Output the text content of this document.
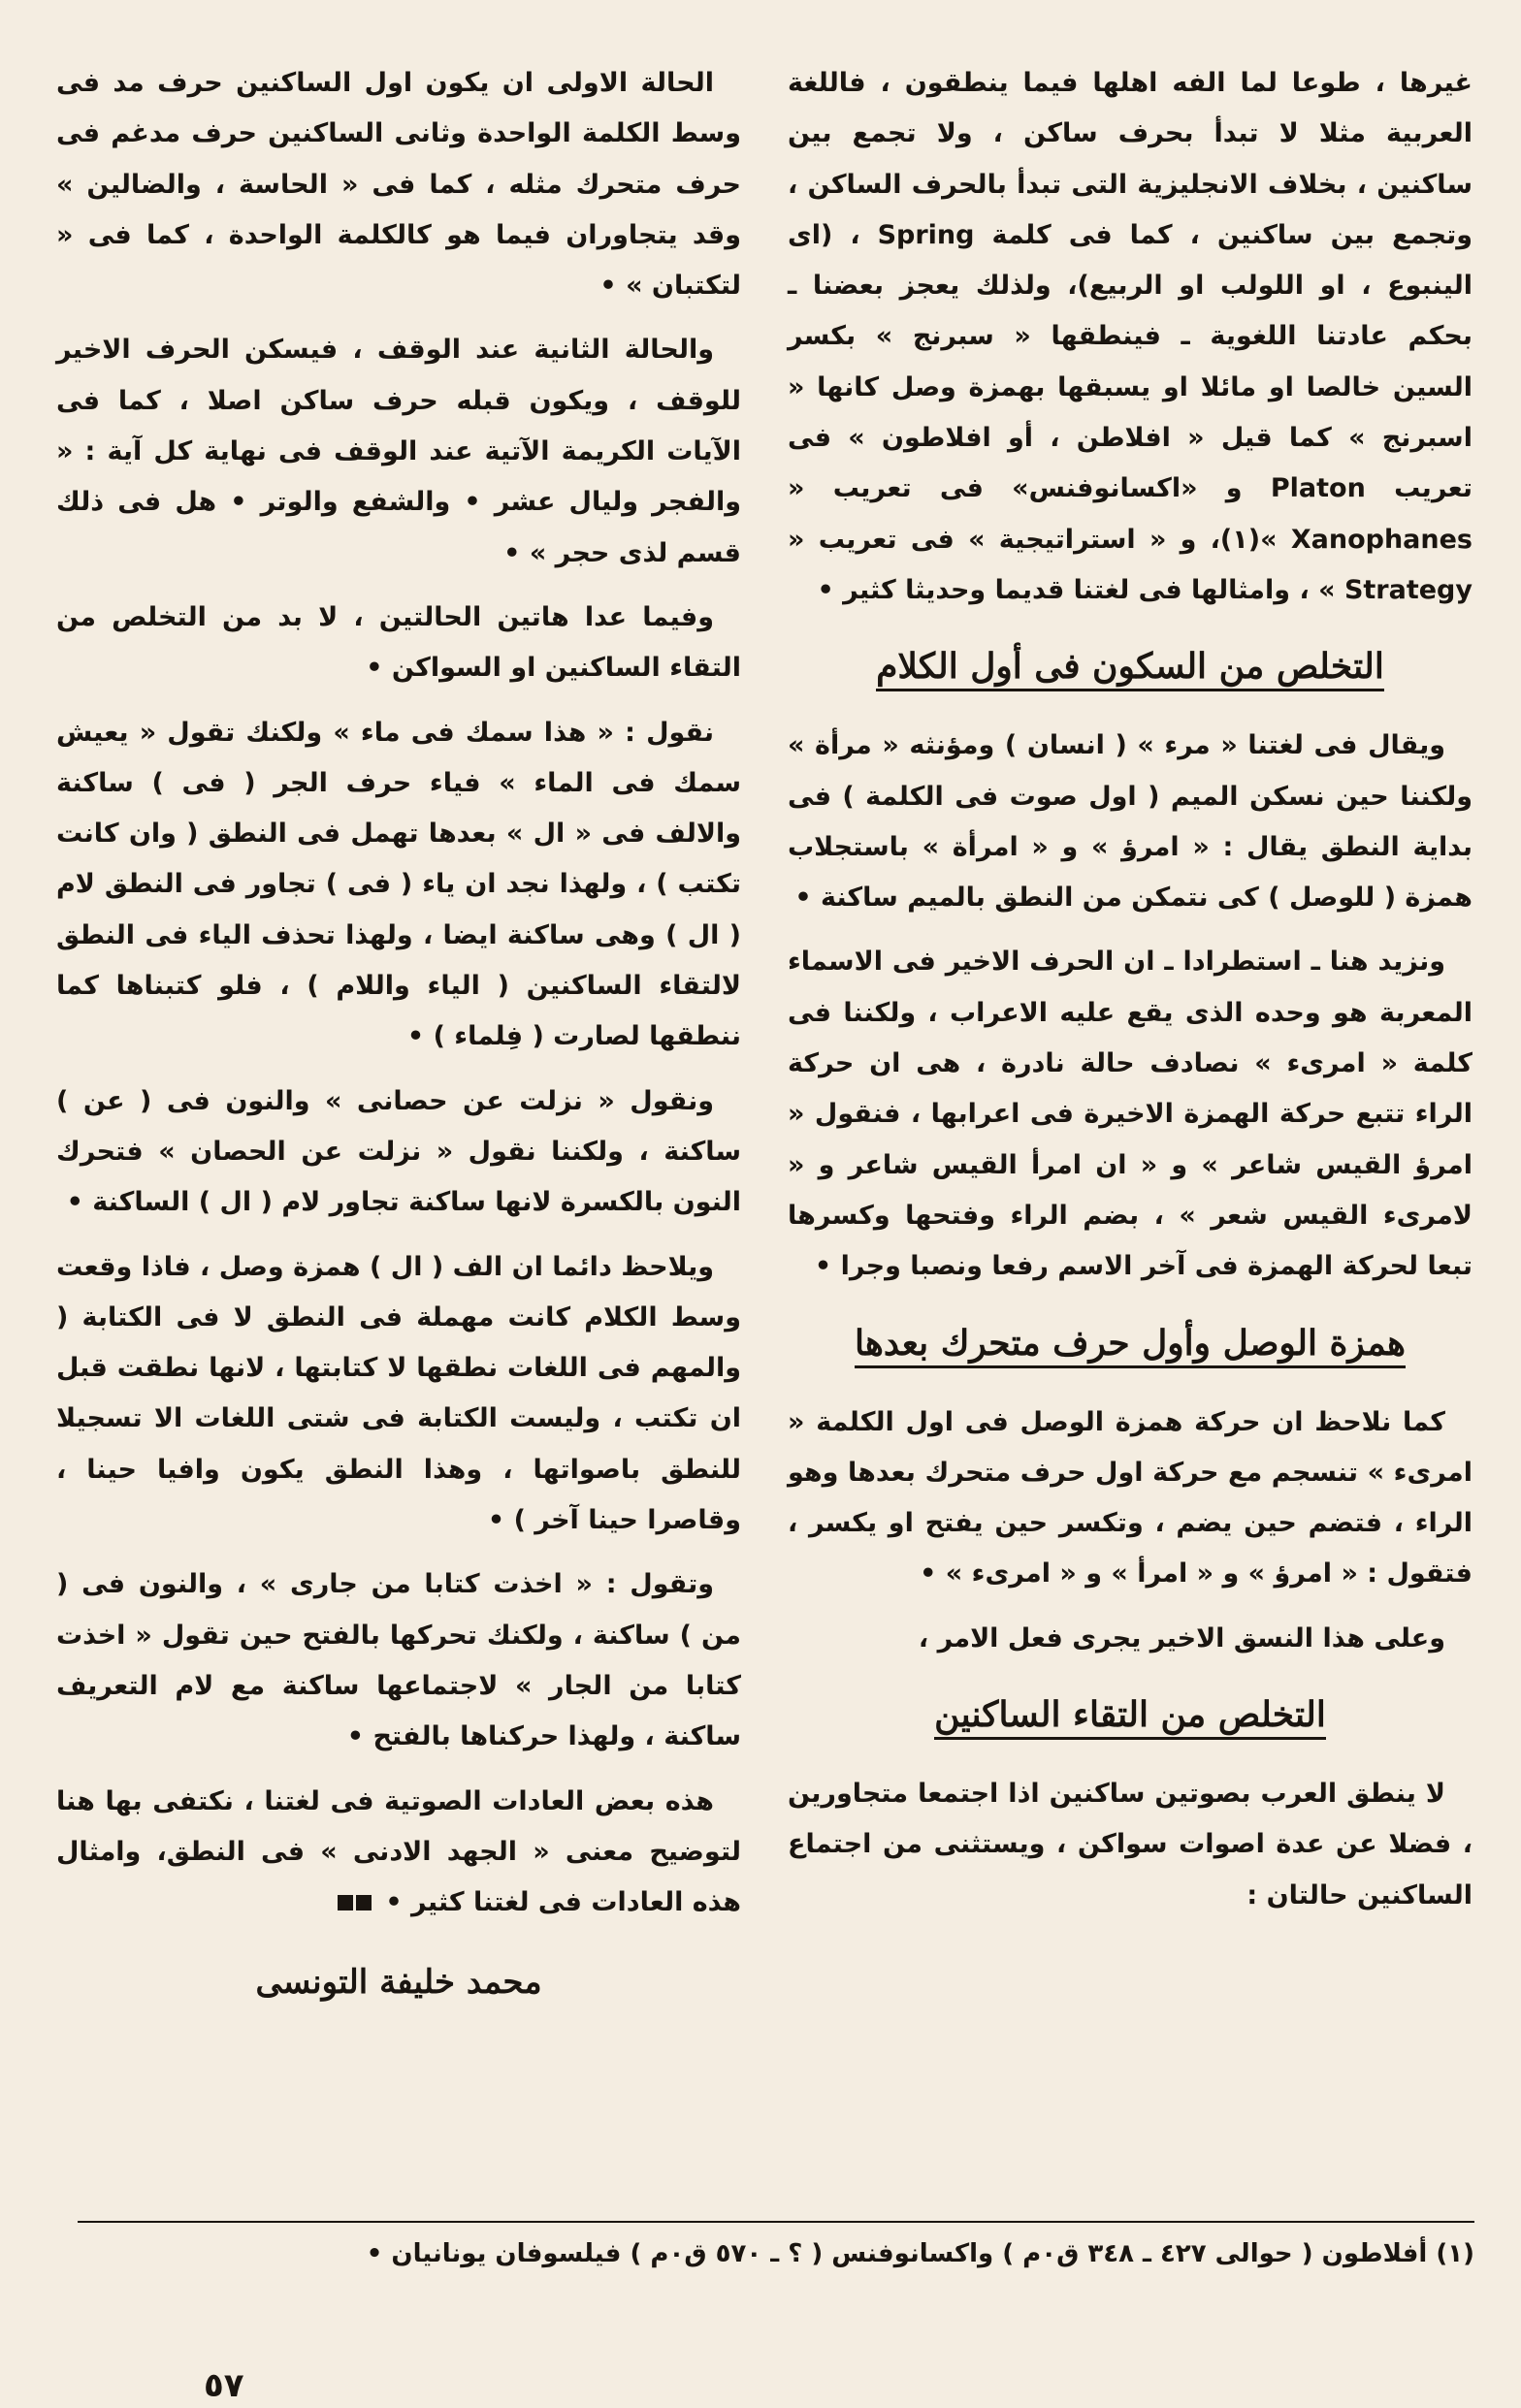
غيرها ، طوعا لما الفه اهلها فيما ينطقون ، فاللغة العربية مثلا لا تبدأ بحرف ساكن ، ولا تجمع بين ساكنين ، بخلاف الانجليزية التى تبدأ بالحرف الساكن ، وتجمع بين ساكنين ، كما فى كلمة Spring ، (اى الينبوع ، او اللولب او الربيع)، ولذلك يعجز بعضنا ـ بحكم عادتنا اللغوية ـ فينطقها « سبرنج » بكسر السين خالصا او مائلا او يسبقها بهمزة وصل كانها « اسبرنج » كما قيل « افلاطن ، أو افلاطون » فى تعريب Platon و «اكسانوفنس» فى تعريب « Xanophanes »(١)، و « استراتيجية » فى تعريب « Strategy » ، وامثالها فى لغتنا قديما وحديثا كثير •

التخلص من السكون فى أول الكلام

ويقال فى لغتنا « مرء » ( انسان ) ومؤنثه « مرأة » ولكننا حين نسكن الميم ( اول صوت فى الكلمة ) فى بداية النطق يقال : « امرؤ » و « امرأة » باستجلاب همزة ( للوصل ) كى نتمكن من النطق بالميم ساكنة •

ونزيد هنا ـ استطرادا ـ ان الحرف الاخير فى الاسماء المعربة هو وحده الذى يقع عليه الاعراب ، ولكننا فى كلمة « امرىء » نصادف حالة نادرة ، هى ان حركة الراء تتبع حركة الهمزة الاخيرة فى اعرابها ، فنقول « امرؤ القيس شاعر » و « ان امرأ القيس شاعر و « لامرىء القيس شعر » ، بضم الراء وفتحها وكسرها تبعا لحركة الهمزة فى آخر الاسم رفعا ونصبا وجرا •

همزة الوصل وأول حرف متحرك بعدها

كما نلاحظ ان حركة همزة الوصل فى اول الكلمة « امرىء » تنسجم مع حركة اول حرف متحرك بعدها وهو الراء ، فتضم حين يضم ، وتكسر حين يفتح او يكسر ، فتقول : « امرؤ » و « امرأ » و « امرىء » •

وعلى هذا النسق الاخير يجرى فعل الامر ،

التخلص من التقاء الساكنين

لا ينطق العرب بصوتين ساكنين اذا اجتمعا متجاورين ، فضلا عن عدة اصوات سواكن ، ويستثنى من اجتماع الساكنين حالتان :

الحالة الاولى ان يكون اول الساكنين حرف مد فى وسط الكلمة الواحدة وثانى الساكنين حرف مدغم فى حرف متحرك مثله ، كما فى « الحاسة ، والضالين » وقد يتجاوران فيما هو كالكلمة الواحدة ، كما فى « لتكتبان » •

والحالة الثانية عند الوقف ، فيسكن الحرف الاخير للوقف ، ويكون قبله حرف ساكن اصلا ، كما فى الآيات الكريمة الآتية عند الوقف فى نهاية كل آية : « والفجر وليال عشر • والشفع والوتر • هل فى ذلك قسم لذى حجر » •

وفيما عدا هاتين الحالتين ، لا بد من التخلص من التقاء الساكنين او السواكن •

نقول : « هذا سمك فى ماء » ولكنك تقول « يعيش سمك فى الماء » فياء حرف الجر ( فى ) ساكنة والالف فى « ال » بعدها تهمل فى النطق ( وان كانت تكتب ) ، ولهذا نجد ان ياء ( فى ) تجاور فى النطق لام ( ال ) وهى ساكنة ايضا ، ولهذا تحذف الياء فى النطق لالتقاء الساكنين ( الياء واللام ) ، فلو كتبناها كما ننطقها لصارت ( فِلماء ) •

ونقول « نزلت عن حصانى » والنون فى ( عن ) ساكنة ، ولكننا نقول « نزلت عن الحصان » فتحرك النون بالكسرة لانها ساكنة تجاور لام ( ال ) الساكنة •

ويلاحظ دائما ان الف ( ال ) همزة وصل ، فاذا وقعت وسط الكلام كانت مهملة فى النطق لا فى الكتابة ( والمهم فى اللغات نطقها لا كتابتها ، لانها نطقت قبل ان تكتب ، وليست الكتابة فى شتى اللغات الا تسجيلا للنطق باصواتها ، وهذا النطق يكون وافيا حينا ، وقاصرا حينا آخر ) •

وتقول : « اخذت كتابا من جارى » ، والنون فى ( من ) ساكنة ، ولكنك تحركها بالفتح حين تقول « اخذت كتابا من الجار » لاجتماعها ساكنة مع لام التعريف ساكنة ، ولهذا حركناها بالفتح •

هذه بعض العادات الصوتية فى لغتنا ، نكتفى بها هنا لتوضيح معنى « الجهد الادنى » فى النطق، وامثال هذه العادات فى لغتنا كثير •

محمد خليفة التونسى
(١) أفلاطون ( حوالى ٤٢٧ ـ ٣٤٨ ق٠م ) واكسانوفنس ( ؟ ـ ٥٧٠ ق٠م ) فيلسوفان يونانيان •
٥٧
